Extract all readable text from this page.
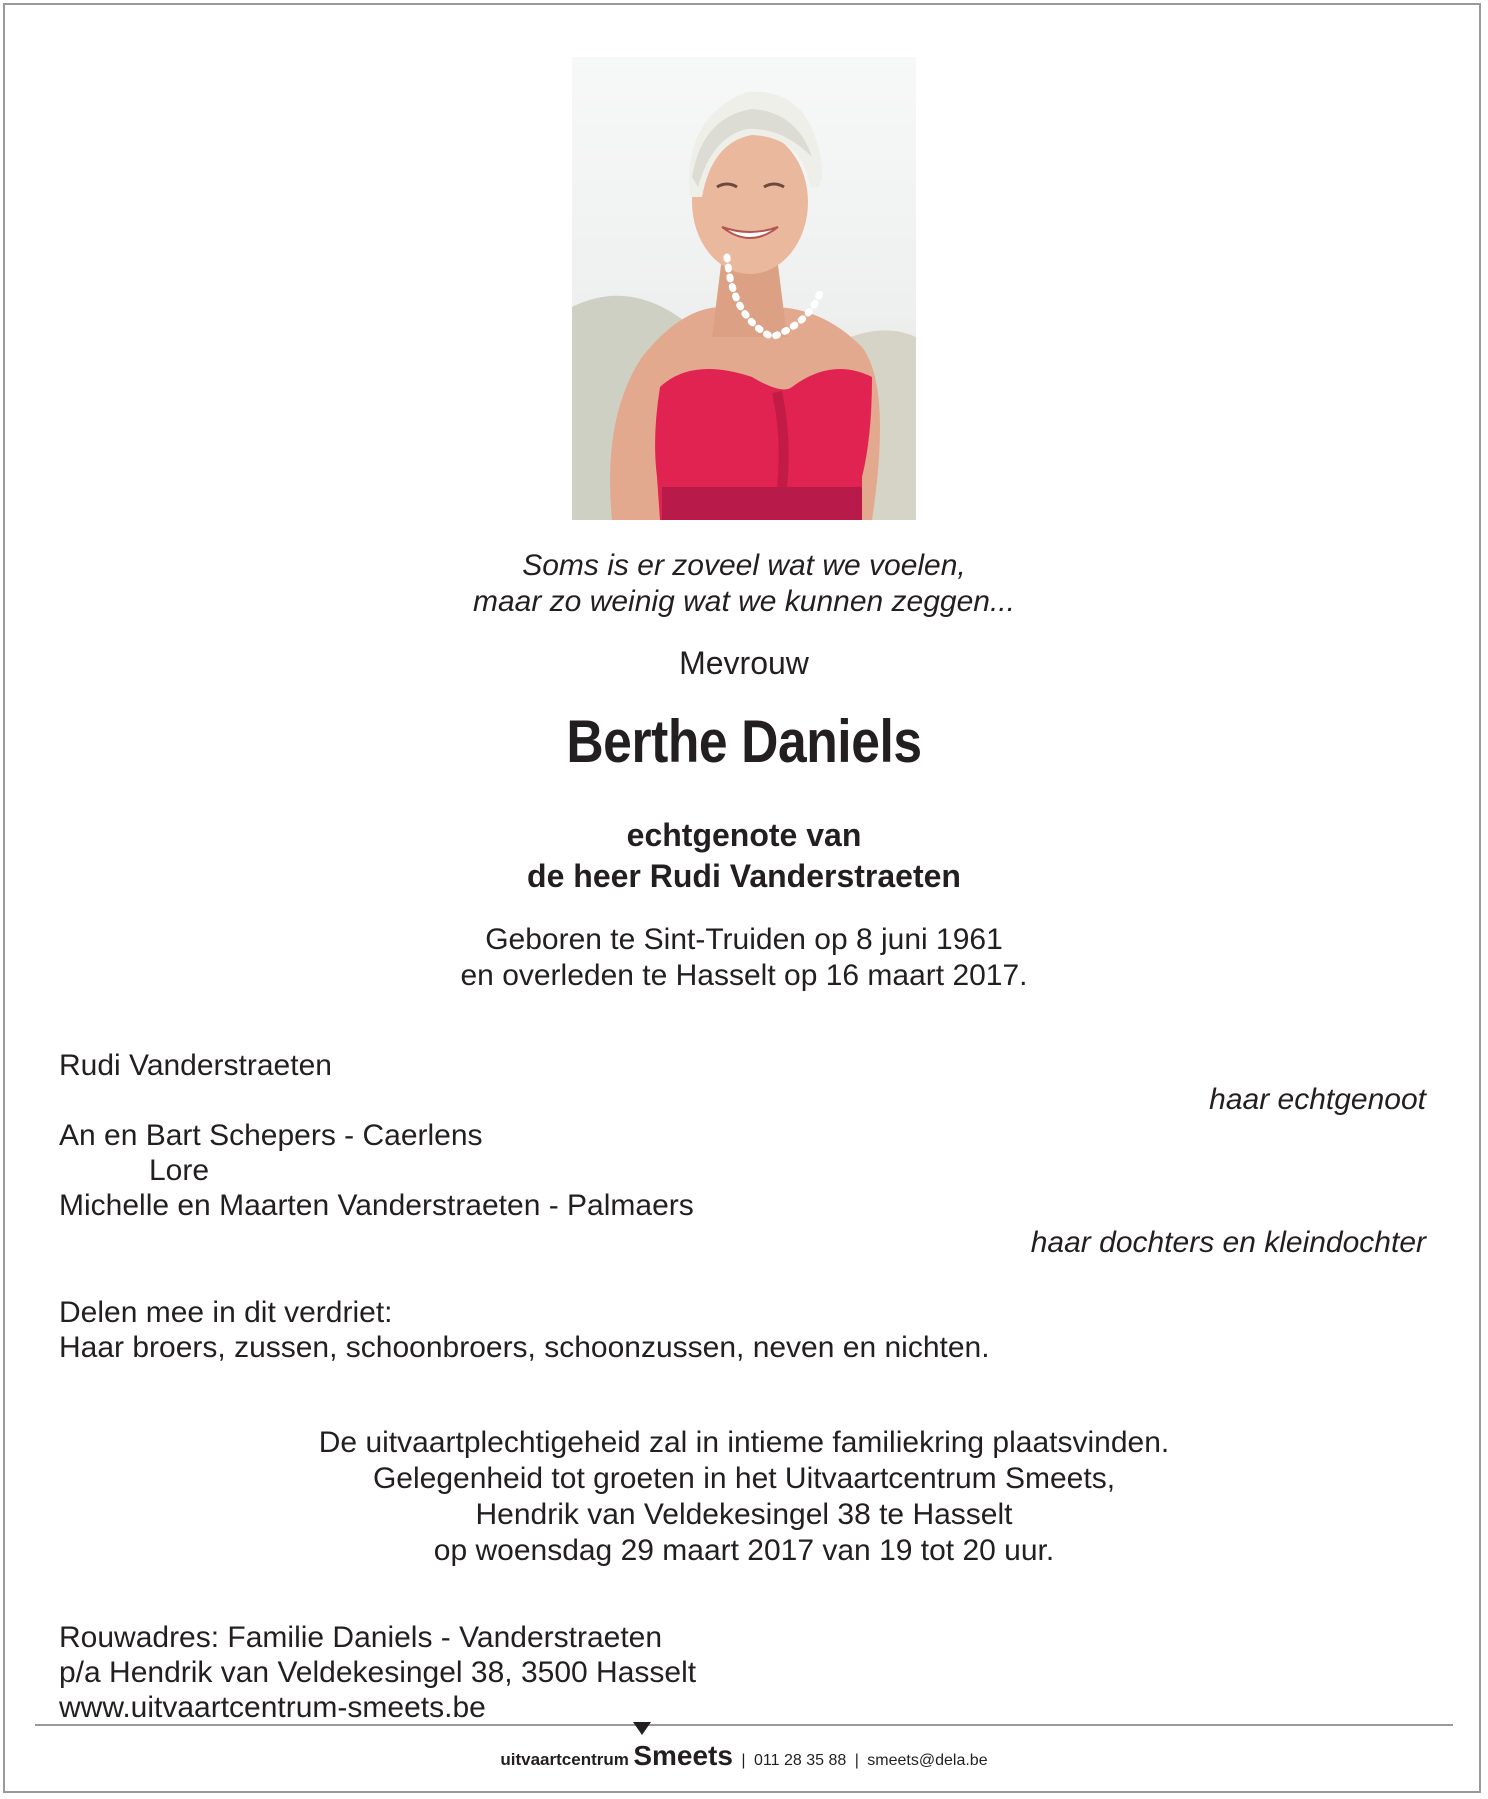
Soms is er zoveel wat we voelen,
maar zo weinig wat we kunnen zeggen...
Mevrouw
Berthe Daniels
echtgenote van
de heer Rudi Vanderstraeten
Geboren te Sint-Truiden op 8 juni 1961
en overleden te Hasselt op 16 maart 2017.
Rudi Vanderstraeten
haar echtgenoot
An en Bart Schepers - Caerlens
Lore
Michelle en Maarten Vanderstraeten - Palmaers
haar dochters en kleindochter
Delen mee in dit verdriet:
Haar broers, zussen, schoonbroers, schoonzussen, neven en nichten.
De uitvaartplechtigeheid zal in intieme familiekring plaatsvinden.
Gelegenheid tot groeten in het Uitvaartcentrum Smeets,
Hendrik van Veldekesingel 38 te Hasselt
op woensdag 29 maart 2017 van 19 tot 20 uur.
Rouwadres: Familie Daniels - Vanderstraeten
p/a Hendrik van Veldekesingel 38, 3500 Hasselt
www.uitvaartcentrum-smeets.be
uitvaartcentrum Smeets | 011 28 35 88 | smeets@dela.be
